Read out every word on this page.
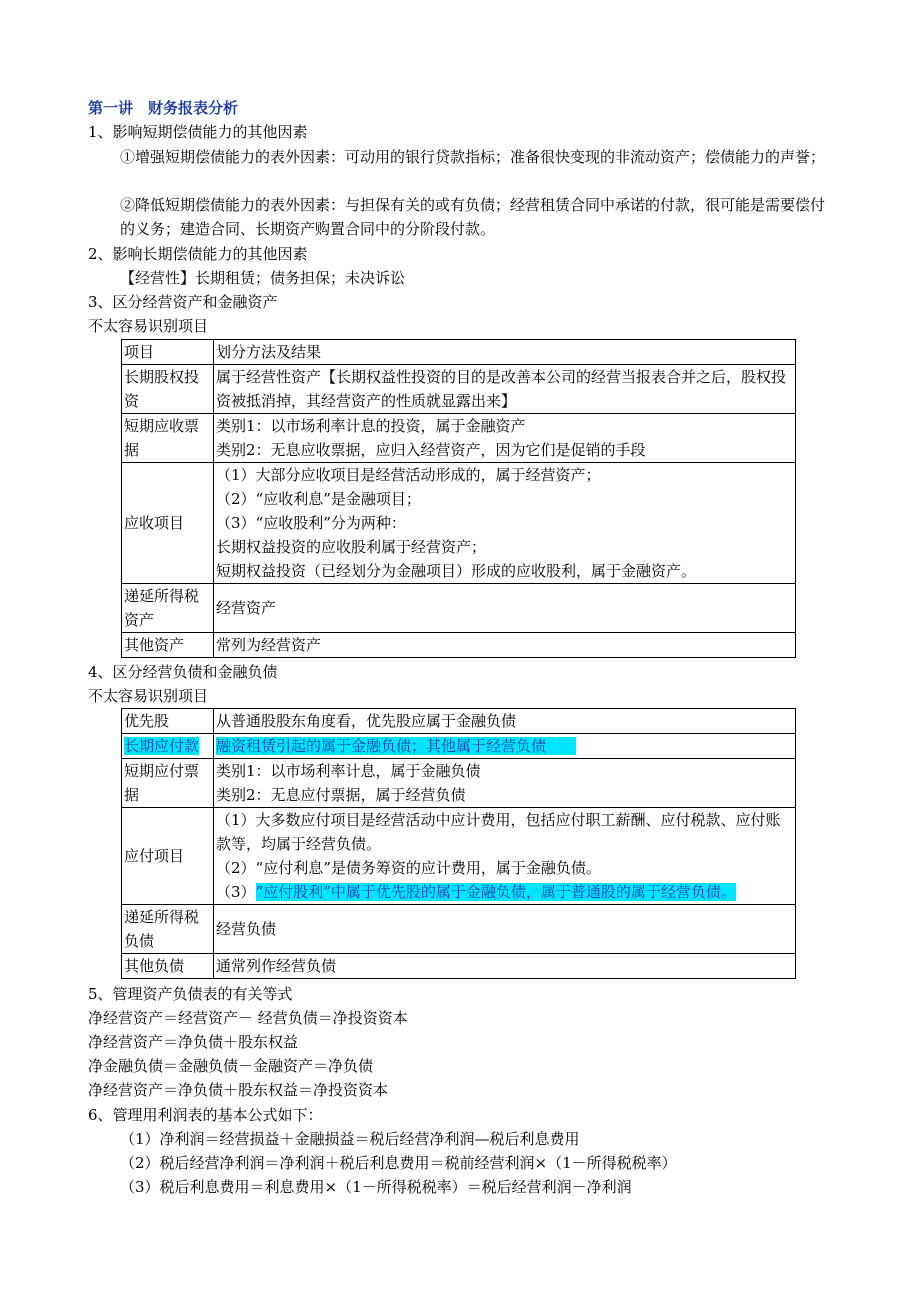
第一讲　财务报表分析
1、影响短期偿债能力的其他因素
①增强短期偿债能力的表外因素：可动用的银行贷款指标；准备很快变现的非流动资产；偿债能力的声誉；
②降低短期偿债能力的表外因素：与担保有关的或有负债；经营租赁合同中承诺的付款，很可能是需要偿付的义务；建造合同、长期资产购置合同中的分阶段付款。
2、影响长期偿债能力的其他因素
【经营性】长期租赁；债务担保；未决诉讼
3、区分经营资产和金融资产
不太容易识别项目
项目	划分方法及结果
长期股权投资	属于经营性资产【长期权益性投资的目的是改善本公司的经营当报表合并之后，股权投资被抵消掉，其经营资产的性质就显露出来】
短期应收票据	类别1：以市场利率计息的投资，属于金融资产
类别2：无息应收票据，应归入经营资产，因为它们是促销的手段

应收项目	（1）大部分应收项目是经营活动形成的，属于经营资产；
（2）“应收利息”是金融项目；
（3）“应收股利”分为两种：
长期权益投资的应收股利属于经营资产；
短期权益投资（已经划分为金融项目）形成的应收股利，属于金融资产。

递延所得税资产	经营资产
其他资产	常列为经营资产
4、区分经营负债和金融负债
不太容易识别项目
优先股	从普通股股东角度看，优先股应属于金融负债
长期应付款	融资租赁引起的属于金融负债；其他属于经营负债
短期应付票据	类别1：以市场利率计息，属于金融负债
类别2：无息应付票据，属于经营负债

应付项目	（1）大多数应付项目是经营活动中应计费用，包括应付职工薪酬、应付税款、应付账款等，均属于经营负债。
（2）“应付利息”是债务筹资的应计费用，属于金融负债。
（3）“应付股利”中属于优先股的属于金融负债，属于普通股的属于经营负债。

递延所得税负债	经营负债
其他负债	通常列作经营负债
5、管理资产负债表的有关等式
净经营资产＝经营资产－ 经营负债＝净投资资本
净经营资产＝净负债＋股东权益
净金融负债＝金融负债－金融资产＝净负债
净经营资产＝净负债＋股东权益＝净投资资本
6、管理用利润表的基本公式如下：
（1）净利润＝经营损益＋金融损益＝税后经营净利润—税后利息费用
（2）税后经营净利润＝净利润＋税后利息费用＝税前经营利润×（1－所得税税率）
（3）税后利息费用＝利息费用×（1－所得税税率）＝税后经营利润－净利润
